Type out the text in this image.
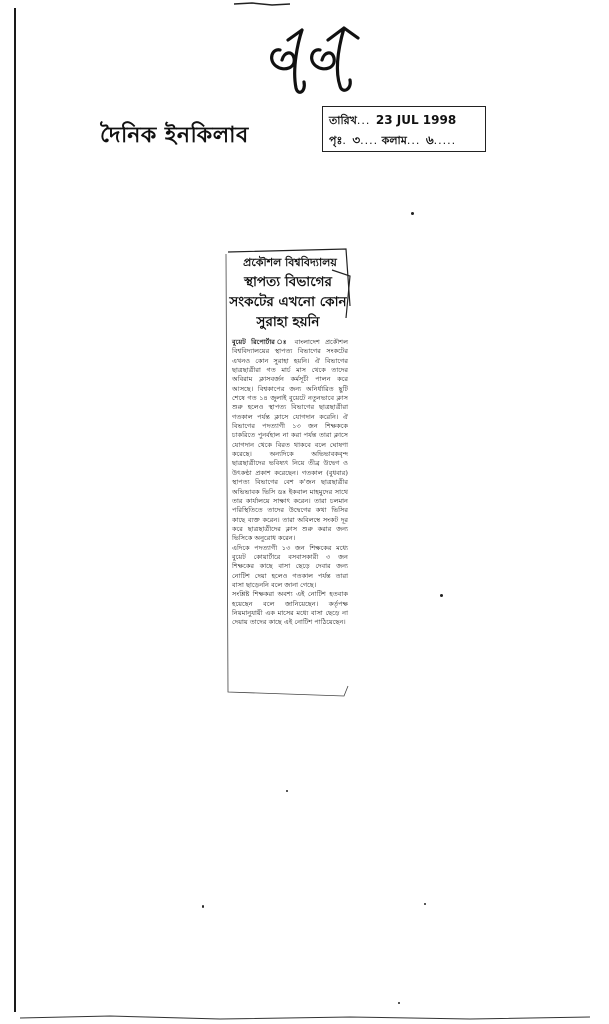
দৈনিক ইনকিলাব
তারিখ... 23 JUL 1998
পৃঃ. ৩.... কলাম... ৬.....
প্রকৌশল বিশ্ববিদ্যালয়
স্থাপত্য বিভাগের সংকটের এখনো কোন সুরাহা হয়নি

বুয়েট রিপোর্টার ঃ বাংলাদেশ প্রকৌশল বিশ্ববিদ্যালয়ের স্থাপত্য বিভাগের সংকটের এখনও কোন সুরাহা হয়নি। ঐ বিভাগের ছাত্রছাত্রীরা গত মার্চ মাস থেকে তাদের অবিরাম ক্লাসবর্জন কর্মসূচী পালন করে আসছে। বিশ্বকাপের জন্য অনির্ধারিত ছুটি শেষে গত ১৪ জুলাই বুয়েটে নতুনভাবে ক্লাস শুরু হলেও স্থাপত্য বিভাগের ছাত্রছাত্রীরা গতকাল পর্যন্ত ক্লাসে যোগদান করেনি। ঐ বিভাগের পদত্যাগী ১৩ জন শিক্ষককে চাকরিতে পুনর্বহাল না করা পর্যন্ত তারা ক্লাসে যোগদান থেকে বিরত থাকবে বলে ঘোষণা করেছে। অন্যদিকে অভিভাবকবৃন্দ ছাত্রছাত্রীদের ভবিষ্যৎ নিয়ে তীব্র উদ্বেগ ও উৎকণ্ঠা প্রকাশ করেছেন। গতকাল (বুধবার) স্থাপত্য বিভাগের বেশ ক'জন ছাত্রছাত্রীর অভিভাবক ভিসি ডঃ ইকবাল মাহমুদের সাথে তার কার্যালয়ে সাক্ষাৎ করেন। তারা চলমান পরিস্থিতিতে তাদের উদ্বেগের কথা ভিসির কাছে ব্যক্ত করেন। তারা অবিলম্বে সংকট দূর করে ছাত্রছাত্রীদের ক্লাস শুরু করার জন্য ভিসিকে অনুরোধ করেন।

এদিকে পদত্যাগী ১৩ জন শিক্ষকের মধ্যে বুয়েট কোয়ার্টারে বসবাসকারী ৩ জন শিক্ষকের কাছে বাসা ছেড়ে দেবার জন্য নোটিশ দেয়া হলেও গতকাল পর্যন্ত তারা বাসা ছাড়েননি বলে জানা গেছে।

সংশ্লিষ্ট শিক্ষকরা অবশ্য এই নোটিশ হতবাক হয়েছেন বলে জানিয়েছেন। কর্তৃপক্ষ নিয়মানুযায়ী এক মাসের মধ্যে বাসা ছেড়ে না দেয়ায় তাদের কাছে এই নোটিশ পাঠিয়েছেন।
